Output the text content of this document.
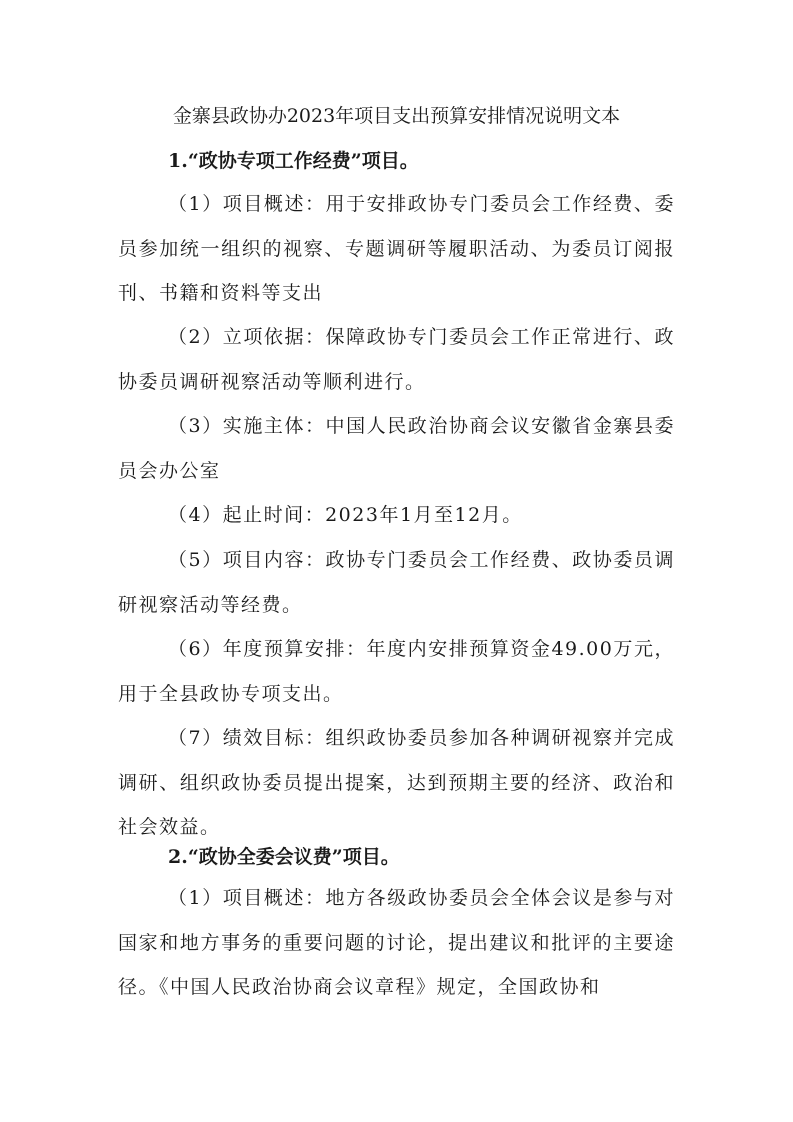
金寨县政协办2023年项目支出预算安排情况说明文本
1.“政协专项工作经费”项目。
（1）项目概述：用于安排政协专门委员会工作经费、委员参加统一组织的视察、专题调研等履职活动、为委员订阅报刊、书籍和资料等支出
（2）立项依据：保障政协专门委员会工作正常进行、政协委员调研视察活动等顺利进行。
（3）实施主体：中国人民政治协商会议安徽省金寨县委员会办公室
（4）起止时间：2023年1月至12月。
（5）项目内容：政协专门委员会工作经费、政协委员调研视察活动等经费。
（6）年度预算安排：年度内安排预算资金49.00万元，用于全县政协专项支出。
（7）绩效目标：组织政协委员参加各种调研视察并完成调研、组织政协委员提出提案，达到预期主要的经济、政治和社会效益。
2.“政协全委会议费”项目。
（1）项目概述：地方各级政协委员会全体会议是参与对国家和地方事务的重要问题的讨论，提出建议和批评的主要途径。《中国人民政治协商会议章程》规定，全国政协和
